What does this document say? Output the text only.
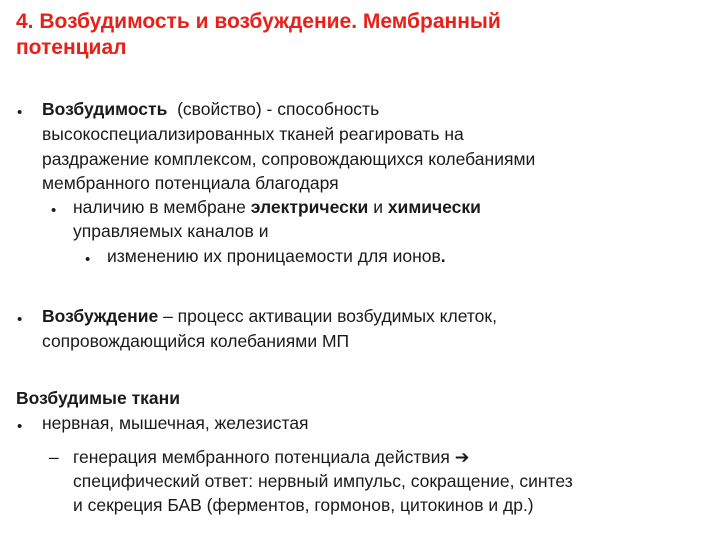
4. Возбудимость и возбуждение. Мембранный
потенциал
• Возбудимость (свойство) - способность
высокоспециализированных тканей реагировать на
раздражение комплексом, сопровождающихся колебаниями
мембранного потенциала благодаря
• наличию в мембране электрически и химически
управляемых каналов и
• изменению их проницаемости для ионов.
• Возбуждение – процесс активации возбудимых клеток,
сопровождающийся колебаниями МП
Возбудимые ткани
• нервная, мышечная, железистая
– генерация мембранного потенциала действия ➔
специфический ответ: нервный импульс, сокращение, синтез
и секреция БАВ (ферментов, гормонов, цитокинов и др.)
